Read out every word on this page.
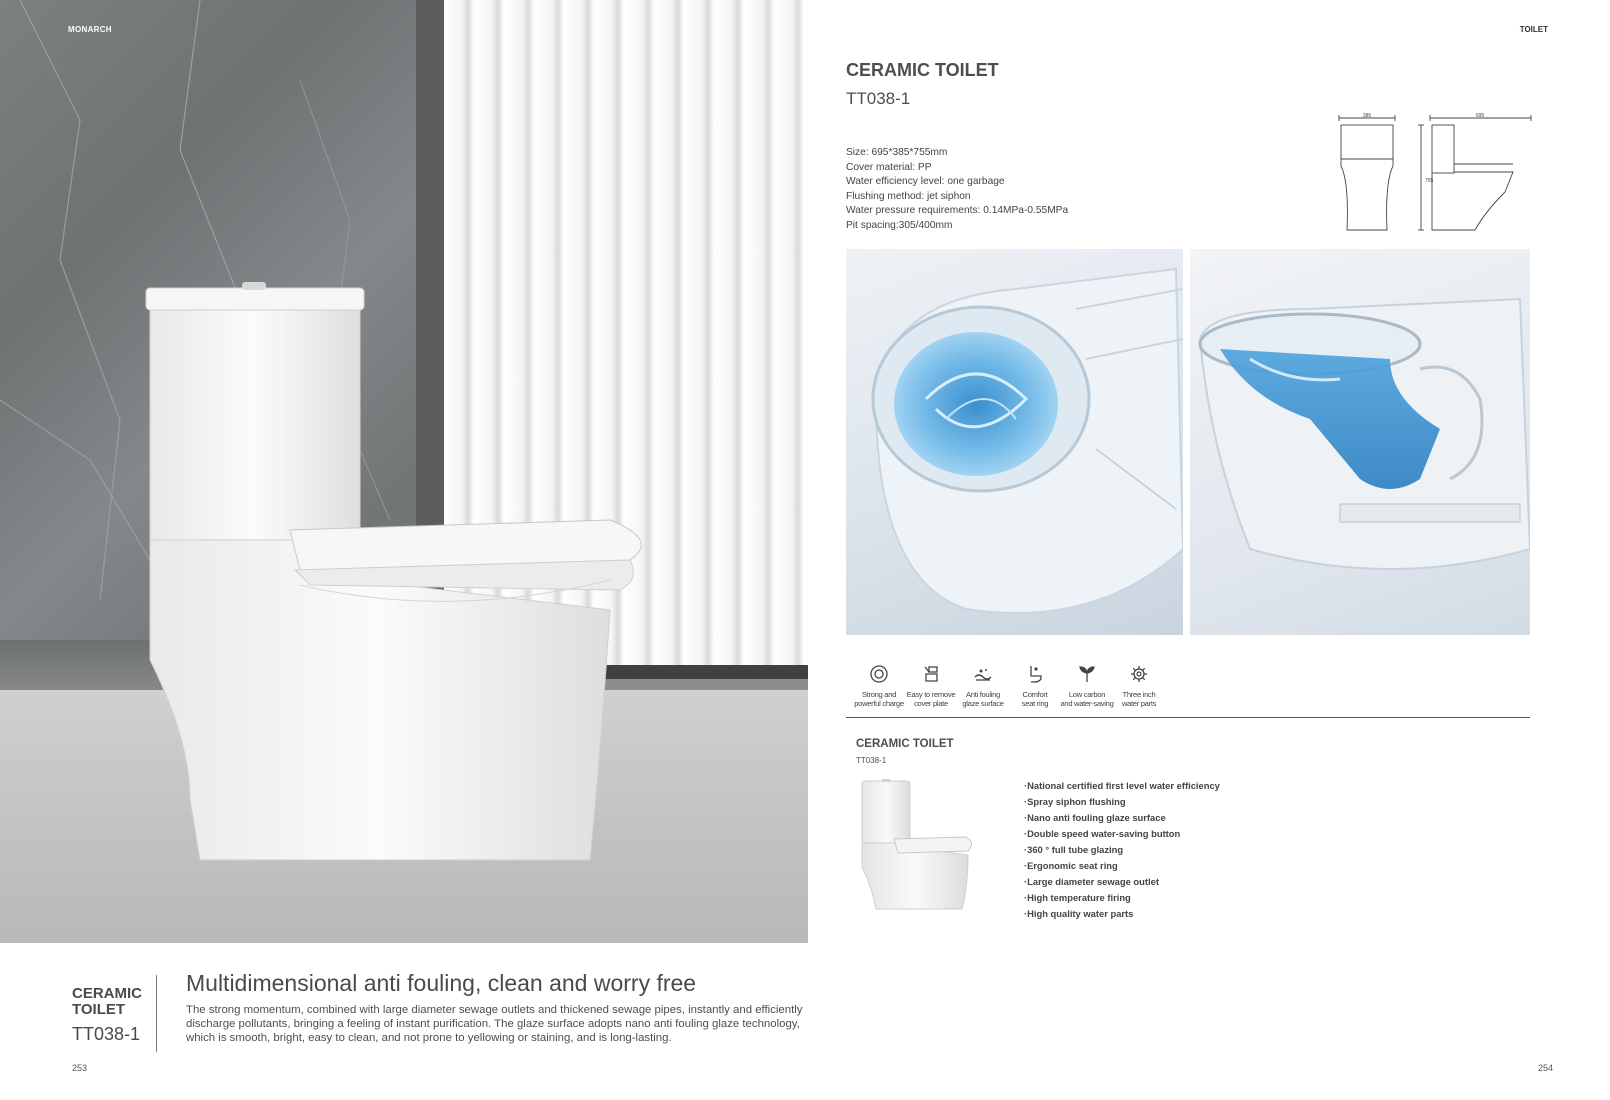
MONARCH	TOILET
CERAMIC TOILET
TT038-1
Multidimensional anti fouling, clean and worry free

The strong momentum, combined with large diameter sewage outlets and thickened sewage pipes, instantly and efficiently discharge pollutants, bringing a feeling of instant purification. The glaze surface adopts nano anti fouling glaze technology, which is smooth, bright, easy to clean, and not prone to yellowing or staining, and is long-lasting.

253
CERAMIC TOILET
TT038-1
Size: 695*385*755mm
Cover material: PP
Water efficiency level: one garbage
Flushing method: jet siphon
Water pressure requirements: 0.14MPa-0.55MPa
Pit spacing:305/400mm
385	695
755
Strong and
powerful charge
Easy to remove
cover plate
Anti fouling
glaze surface
Comfort
seat ring
Low carbon
and water-saving
Three inch
water parts
CERAMIC TOILET
TT038-1
·National certified first level water efficiency
·Spray siphon flushing
·Nano anti fouling glaze surface
·Double speed water-saving button
·360 ° full tube glazing
·Ergonomic seat ring
·Large diameter sewage outlet
·High temperature firing
·High quality water parts
254
